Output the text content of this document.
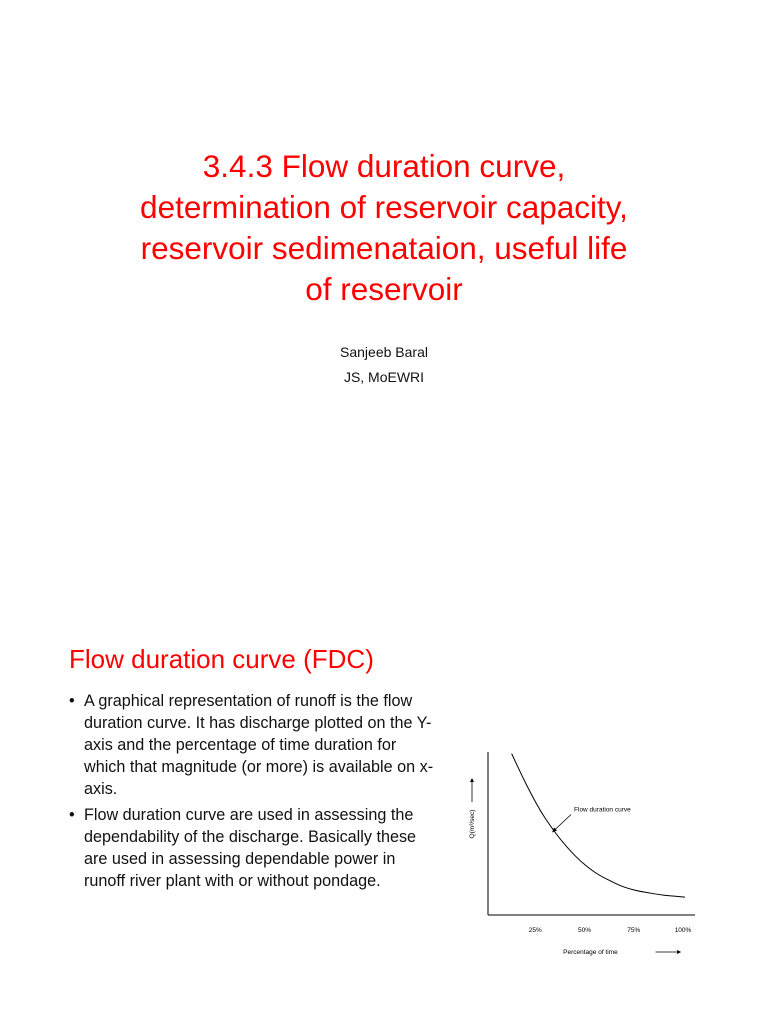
3.4.3 Flow duration curve,
determination of reservoir capacity,
reservoir sedimenataion, useful life
of reservoir

Sanjeeb Baral

JS, MoEWRI

Flow duration curve (FDC)
• A graphical representation of runoff is the flow duration curve. It has discharge plotted on the Y-axis and the percentage of time duration for which that magnitude (or more) is available on x-axis.
• Flow duration curve are used in assessing the dependability of the discharge. Basically these are used in assessing dependable power in runoff river plant with or without pondage.
25%	50%	75%	100%
Percentage of time
Q(m³/sec)	Flow duration curve
